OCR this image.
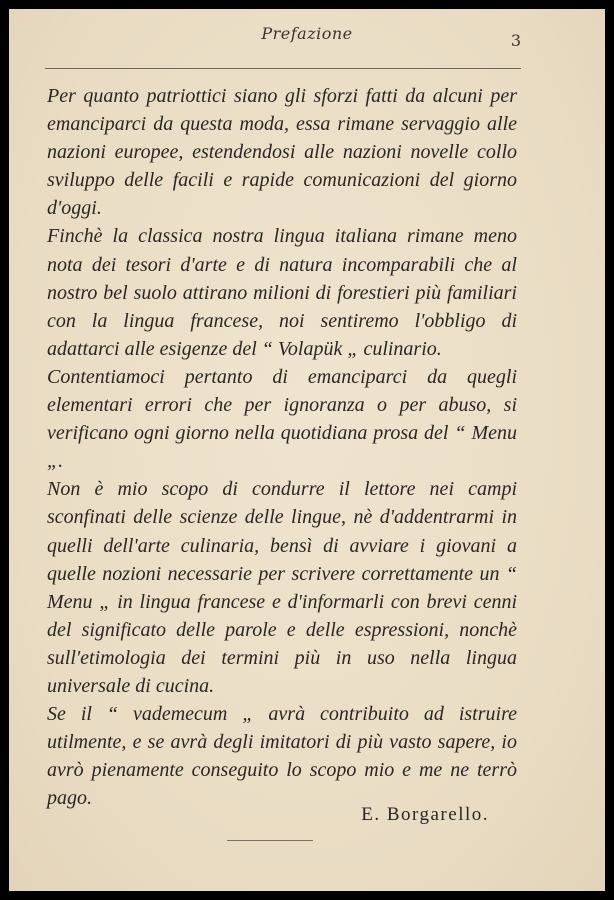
Prefazione	3

Per quanto patriottici siano gli sforzi fatti da alcuni per emanciparci da questa moda, essa rimane servaggio alle nazioni europee, estendendosi alle nazioni novelle collo sviluppo delle facili e rapide comunicazioni del giorno d'oggi.

Finchè la classica nostra lingua italiana rimane meno nota dei tesori d'arte e di natura incomparabili che al nostro bel suolo attirano milioni di forestieri più familiari con la lingua francese, noi sentiremo l'obbligo di adattarci alle esigenze del “ Volapük „ culinario.

Contentiamoci pertanto di emanciparci da quegli elementari errori che per ignoranza o per abuso, si verificano ogni giorno nella quotidiana prosa del “ Menu „.

Non è mio scopo di condurre il lettore nei campi sconfinati delle scienze delle lingue, nè d'addentrarmi in quelli dell'arte culinaria, bensì di avviare i giovani a quelle nozioni necessarie per scrivere correttamente un “ Menu „ in lingua francese e d'informarli con brevi cenni del significato delle parole e delle espressioni, nonchè sull'etimologia dei termini più in uso nella lingua universale di cucina.

Se il “ vademecum „ avrà contribuito ad istruire utilmente, e se avrà degli imitatori di più vasto sapere, io avrò pienamente conseguito lo scopo mio e me ne terrò pago.

E. Borgarello.
